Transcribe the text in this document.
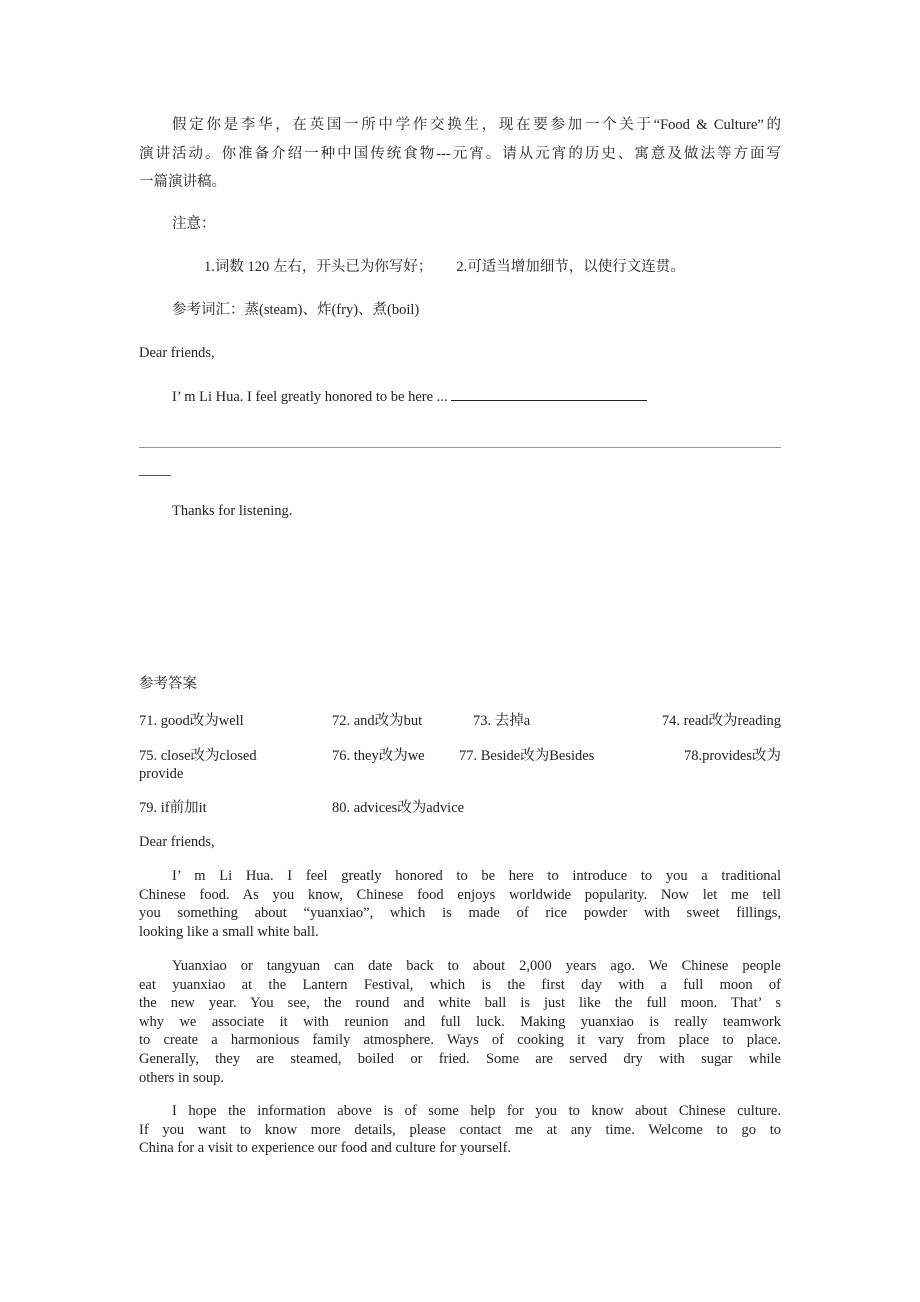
假定你是李华，在英国一所中学作交换生，现在要参加一个关于“Food & Culture”的
演讲活动。你准备介绍一种中国传统食物---元宵。请从元宵的历史、寓意及做法等方面写
一篇演讲稿。
注意：
1.词数 120 左右，开头已为你写好； 2.可适当增加细节，以使行文连贯。
参考词汇：蒸(steam)、炸(fry)、煮(boil)
Dear friends,
I’ m Li Hua. I feel greatly honored to be here ...
Thanks for listening.
参考答案
71. good改为well	72. and改为but	73. 去掉a	74. read改为reading
75. close改为closed	76. they改为we 77. Beside改为Besides	78.provides改为
provide
79. if前加it	80. advices改为advice
Dear friends,
I’ m Li Hua. I feel greatly honored to be here to introduce to you a traditional
Chinese food. As you know, Chinese food enjoys worldwide popularity. Now let me tell
you something about “yuanxiao”, which is made of rice powder with sweet fillings,
looking like a small white ball.
Yuanxiao or tangyuan can date back to about 2,000 years ago. We Chinese people
eat yuanxiao at the Lantern Festival, which is the first day with a full moon of
the new year. You see, the round and white ball is just like the full moon. That’ s
why we associate it with reunion and full luck. Making yuanxiao is really teamwork
to create a harmonious family atmosphere. Ways of cooking it vary from place to place.
Generally, they are steamed, boiled or fried. Some are served dry with sugar while
others in soup.
I hope the information above is of some help for you to know about Chinese culture.
If you want to know more details, please contact me at any time. Welcome to go to
China for a visit to experience our food and culture for yourself.
